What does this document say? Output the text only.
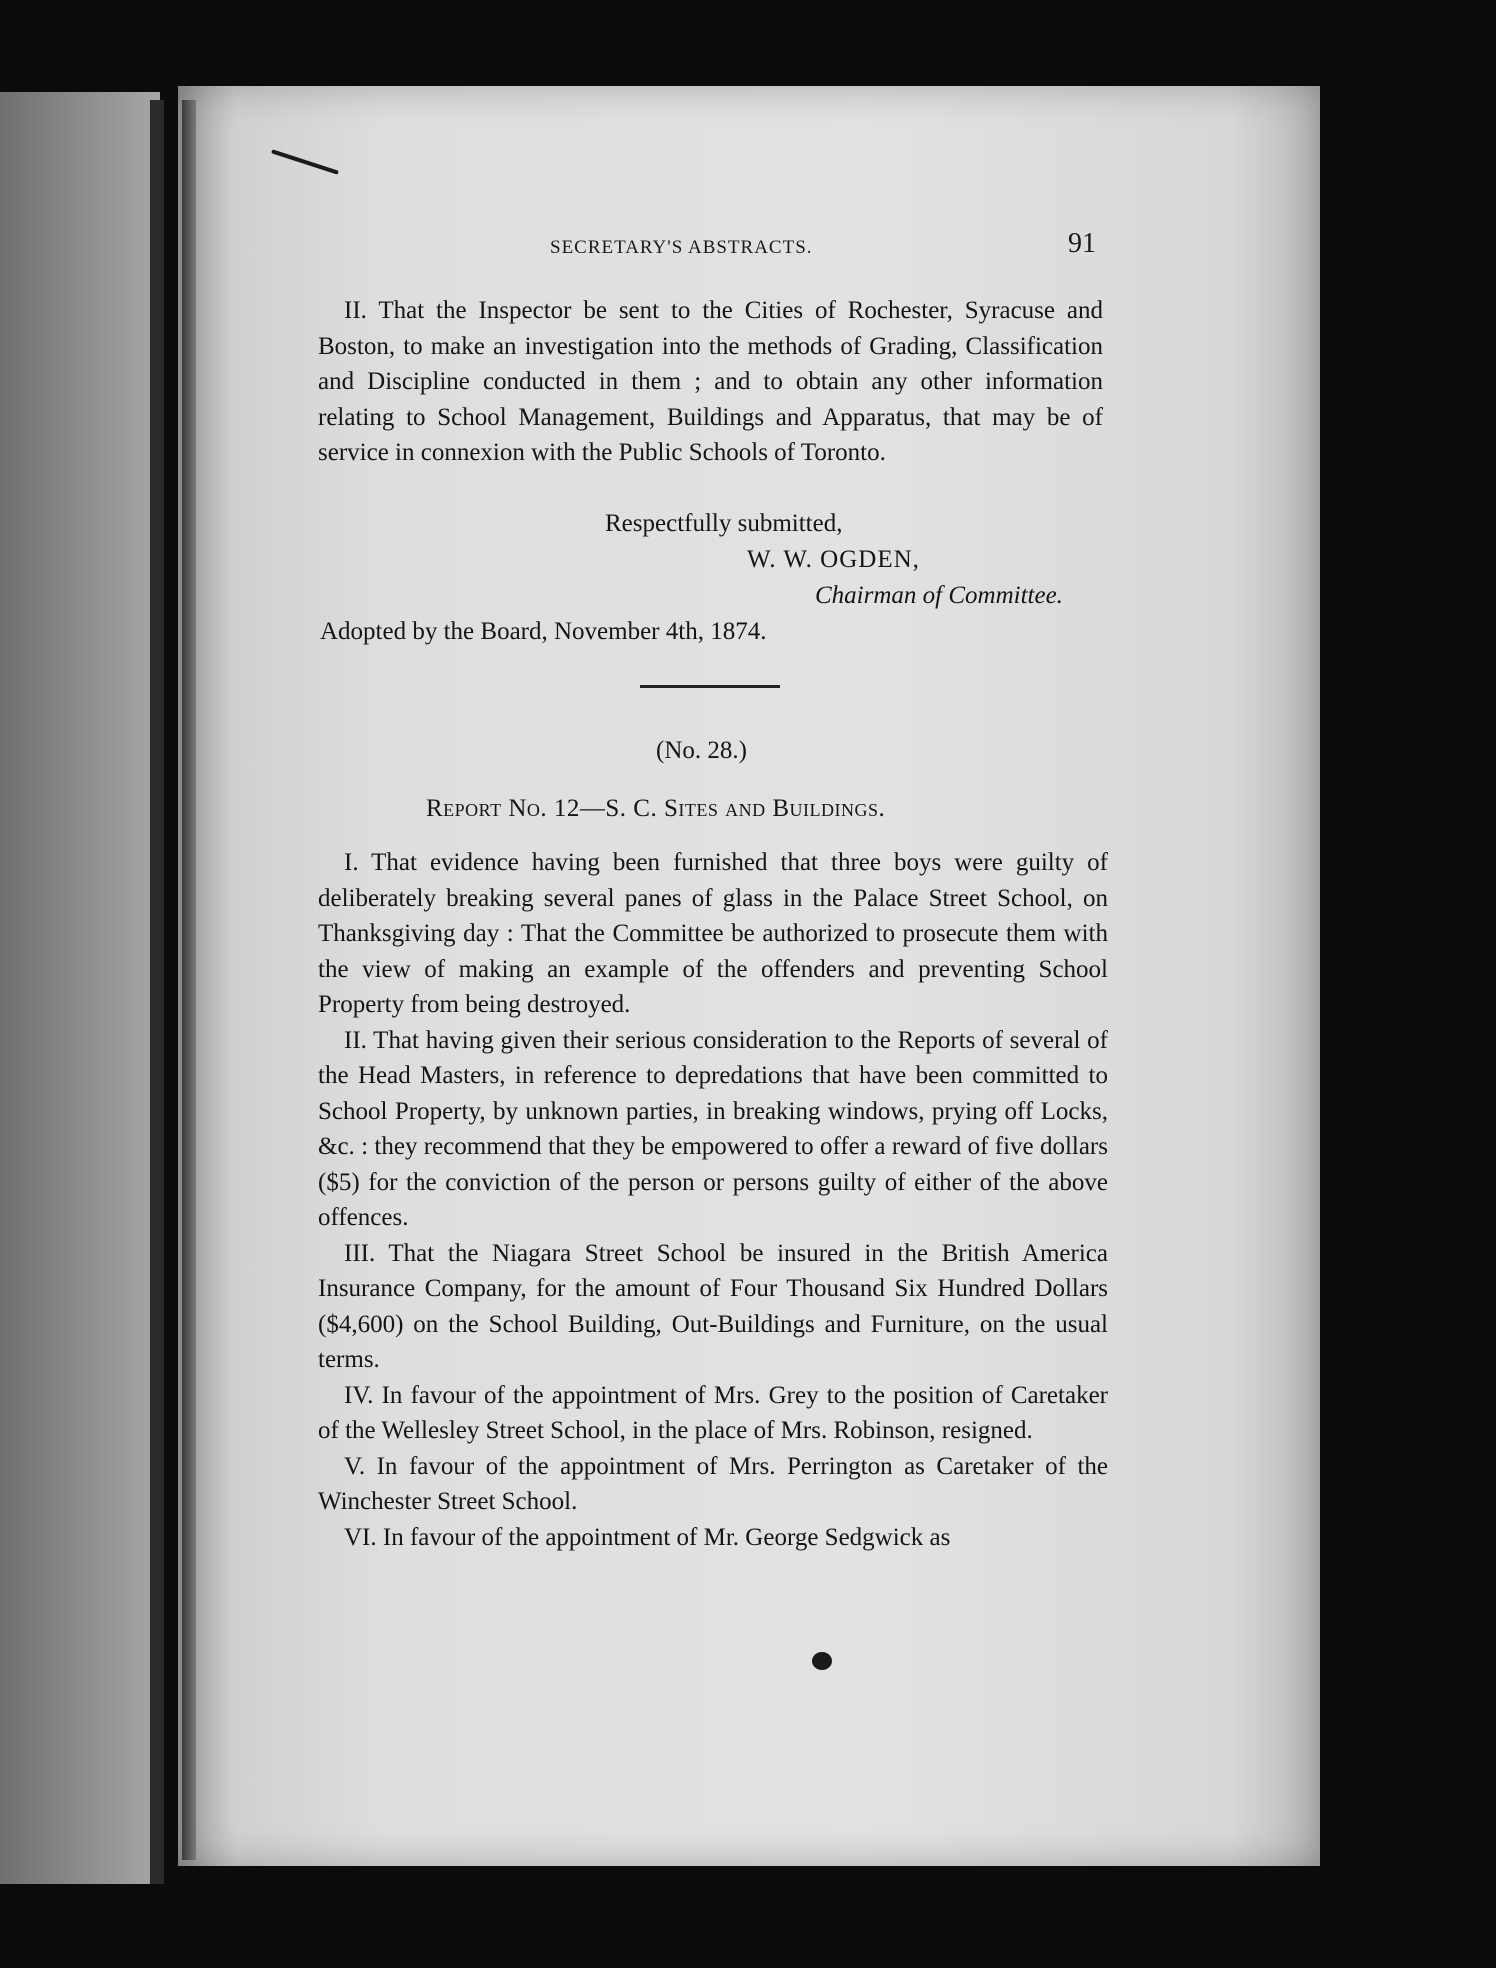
SECRETARY'S ABSTRACTS.	91

II. That the Inspector be sent to the Cities of Rochester, Syracuse and Boston, to make an investigation into the methods of Grading, Classification and Discipline conducted in them ; and to obtain any other information relating to School Management, Buildings and Apparatus, that may be of service in connexion with the Public Schools of Toronto.

Respectfully submitted,
W. W. OGDEN,
Chairman of Committee.
Adopted by the Board, November 4th, 1874.
(No. 28.)
Report No. 12—S. C. Sites and Buildings.

I. That evidence having been furnished that three boys were guilty of deliberately breaking several panes of glass in the Palace Street School, on Thanksgiving day : That the Committee be authorized to prosecute them with the view of making an example of the offenders and preventing School Property from being destroyed.

II. That having given their serious consideration to the Reports of several of the Head Masters, in reference to depredations that have been committed to School Property, by unknown parties, in breaking windows, prying off Locks, &c. : they recommend that they be empowered to offer a reward of five dollars ($5) for the conviction of the person or persons guilty of either of the above offences.

III. That the Niagara Street School be insured in the British America Insurance Company, for the amount of Four Thousand Six Hundred Dollars ($4,600) on the School Building, Out-Buildings and Furniture, on the usual terms.

IV. In favour of the appointment of Mrs. Grey to the position of Caretaker of the Wellesley Street School, in the place of Mrs. Robinson, resigned.

V. In favour of the appointment of Mrs. Perrington as Caretaker of the Winchester Street School.

VI. In favour of the appointment of Mr. George Sedgwick as
